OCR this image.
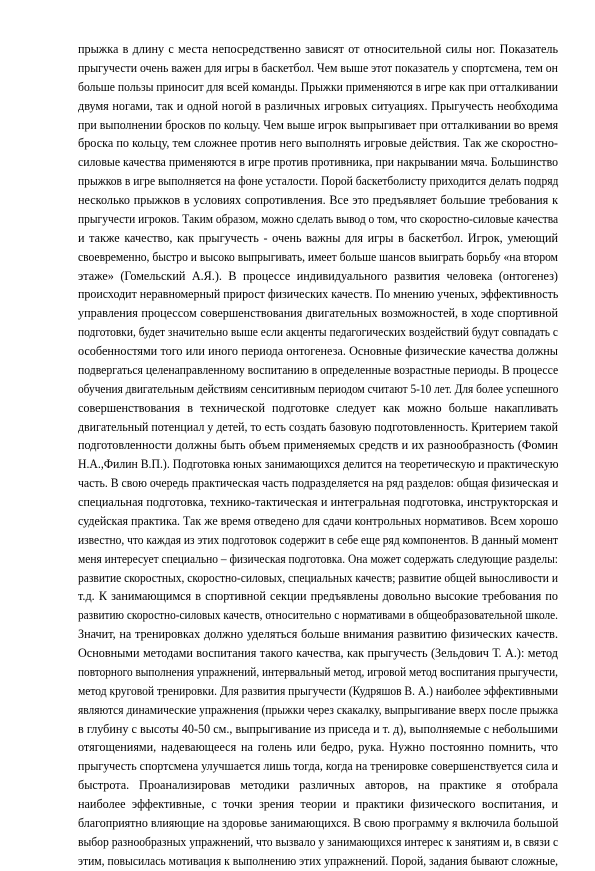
прыжка в длину с места непосредственно зависят от относительной силы ног. Показатель
прыгучести очень важен для игры в баскетбол. Чем выше этот показатель у спортсмена, тем он
больше пользы приносит для всей команды. Прыжки применяются в игре как при отталкивании
двумя ногами, так и одной ногой в различных игровых ситуациях. Прыгучесть необходима
при выполнении бросков по кольцу. Чем выше игрок выпрыгивает при отталкивании во время
броска по кольцу, тем сложнее против него выполнять игровые действия. Так же скоростно-
силовые качества применяются в игре против противника, при накрывании мяча. Большинство
прыжков в игре выполняется на фоне усталости. Порой баскетболисту приходится делать подряд
несколько прыжков в условиях сопротивления. Все это предъявляет большие требования к
прыгучести игроков. Таким образом, можно сделать вывод о том, что скоростно-силовые качества
и также качество, как прыгучесть - очень важны для игры в баскетбол. Игрок, умеющий
своевременно, быстро и высоко выпрыгивать, имеет больше шансов выиграть борьбу «на втором
этаже» (Гомельский А.Я.). В процессе индивидуального развития человека (онтогенез)
происходит неравномерный прирост физических качеств. По мнению ученых, эффективность
управления процессом совершенствования двигательных возможностей, в ходе спортивной
подготовки, будет значительно выше если акценты педагогических воздействий будут совпадать с
особенностями того или иного периода онтогенеза. Основные физические качества должны
подвергаться целенаправленному воспитанию в определенные возрастные периоды. В процессе
обучения двигательным действиям сенситивным периодом считают 5-10 лет. Для более успешного
совершенствования в технической подготовке следует как можно больше накапливать
двигательный потенциал у детей, то есть создать базовую подготовленность. Критерием такой
подготовленности должны быть объем применяемых средств и их разнообразность (Фомин
Н.А.,Филин В.П.). Подготовка юных занимающихся делится на теоретическую и практическую
часть. В свою очередь практическая часть подразделяется на ряд разделов: общая физическая и
специальная подготовка, технико-тактическая и интегральная подготовка, инструкторская и
судейская практика. Так же время отведено для сдачи контрольных нормативов. Всем хорошо
известно, что каждая из этих подготовок содержит в себе еще ряд компонентов. В данный момент
меня интересует специально – физическая подготовка. Она может содержать следующие разделы:
развитие скоростных, скоростно-силовых, специальных качеств; развитие общей выносливости и
т.д. К занимающимся в спортивной секции предъявлены довольно высокие требования по
развитию скоростно-силовых качеств, относительно с нормативами в общеобразовательной школе.
Значит, на тренировках должно уделяться больше внимания развитию физических качеств.
Основными методами воспитания такого качества, как прыгучесть (Зельдович Т. А.): метод
повторного выполнения упражнений, интервальный метод, игровой метод воспитания прыгучести,
метод круговой тренировки. Для развития прыгучести (Кудряшов В. А.) наиболее эффективными
являются динамические упражнения (прыжки через скакалку, выпрыгивание вверх после прыжка
в глубину с высоты 40-50 см., выпрыгивание из приседа и т. д), выполняемые с небольшими
отягощениями, надевающееся на голень или бедро, рука. Нужно постоянно помнить, что
прыгучесть спортсмена улучшается лишь тогда, когда на тренировке совершенствуется сила и
быстрота. Проанализировав методики различных авторов, на практике я отобрала
наиболее эффективные, с точки зрения теории и практики физического воспитания, и
благоприятно влияющие на здоровье занимающихся. В свою программу я включила большой
выбор разнообразных упражнений, что вызвало у занимающихся интерес к занятиям и, в связи с
этим, повысилась мотивация к выполнению этих упражнений. Порой, задания бывают сложные,
